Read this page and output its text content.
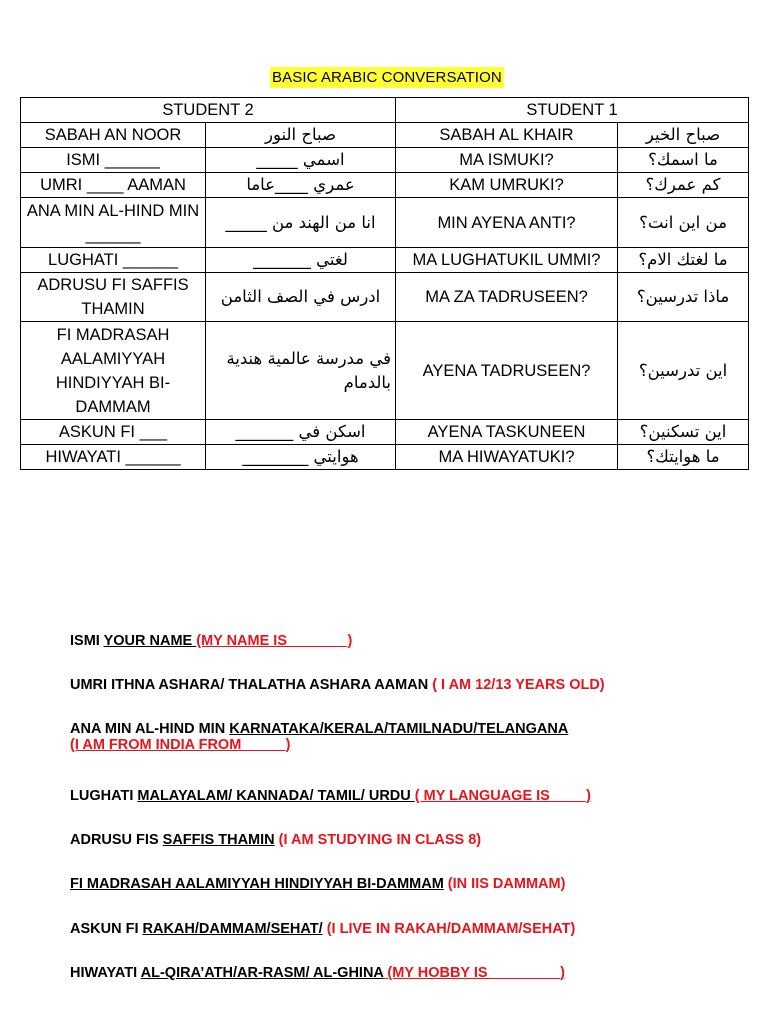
BASIC ARABIC CONVERSATION
STUDENT 2		STUDENT 1	
SABAH AN NOOR	صباح النور	SABAH AL KHAIR	صباح الخير
ISMI ______	اسمي _____	MA ISMUKI?	ما اسمك؟
UMRI ____ AAMAN	عمري ____عاما	KAM UMRUKI?	كم عمرك؟
ANA MIN AL-HIND MIN ______	انا من الهند من _____	MIN AYENA ANTI?	من اين انت؟
LUGHATI ______	لغتي _______	MA LUGHATUKIL UMMI?	ما لغتك الام؟
ADRUSU FI SAFFIS THAMIN	ادرس في الصف الثامن	MA ZA TADRUSEEN?	ماذا تدرسين؟
FI MADRASAH AALAMIYYAH HINDIYYAH BI-DAMMAM	في مدرسة عالمية هندية بالدمام	AYENA TADRUSEEN?	اين تدرسين؟
ASKUN FI ___	اسكن في _______	AYENA TASKUNEEN	اين تسكنين؟
HIWAYATI ______	هوايتي ________	MA HIWAYATUKI?	ما هوايتك؟
ISMI YOUR NAME (MY NAME IS _______)
UMRI ITHNA ASHARA/ THALATHA ASHARA AAMAN ( I AM 12/13 YEARS OLD)
ANA MIN AL-HIND MIN KARNATAKA/KERALA/TAMILNADU/TELANGANA
(I AM FROM INDIA FROM _____)
LUGHATI MALAYALAM/ KANNADA/ TAMIL/ URDU ( MY LANGUAGE IS ____)
ADRUSU FIS SAFFIS THAMIN (I AM STUDYING IN CLASS 8)
FI MADRASAH AALAMIYYAH HINDIYYAH BI-DAMMAM (IN IIS DAMMAM)
ASKUN FI RAKAH/DAMMAM/SEHAT/ (I LIVE IN RAKAH/DAMMAM/SEHAT)
HIWAYATI AL-QIRA’ATH/AR-RASM/ AL-GHINA (MY HOBBY IS_________)
